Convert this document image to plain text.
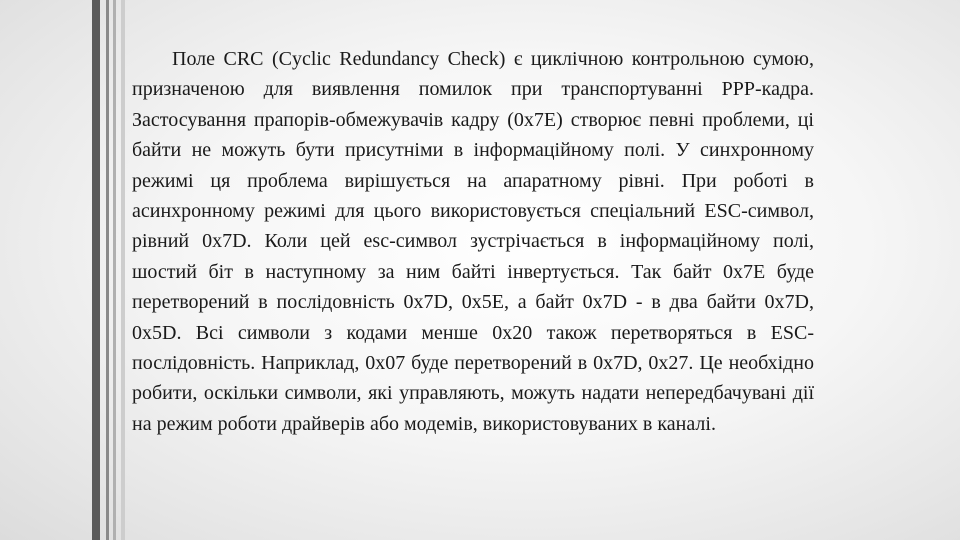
Поле CRC (Cyclic Redundancy Check) є циклічною контрольною сумою, призначеною для виявлення помилок при транспортуванні PPP-кадра. Застосування прапорів-обмежувачів кадру (0x7E) створює певні проблеми, ці байти не можуть бути присутніми в інформаційному полі. У синхронному режимі ця проблема вирішується на апаратному рівні. При роботі в асинхронному режимі для цього використовується спеціальний ESC-символ, рівний 0x7D. Коли цей esc-символ зустрічається в інформаційному полі, шостий біт в наступному за ним байті інвертується. Так байт 0x7E буде перетворений в послідовність 0x7D, 0x5E, а байт 0x7D - в два байти 0x7D, 0x5D. Всі символи з кодами менше 0x20 також перетворяться в ESC-послідовність. Наприклад, 0x07 буде перетворений в 0x7D, 0x27. Це необхідно робити, оскільки символи, які управляють, можуть надати непередбачувані дії на режим роботи драйверів або модемів, використовуваних в каналі.
